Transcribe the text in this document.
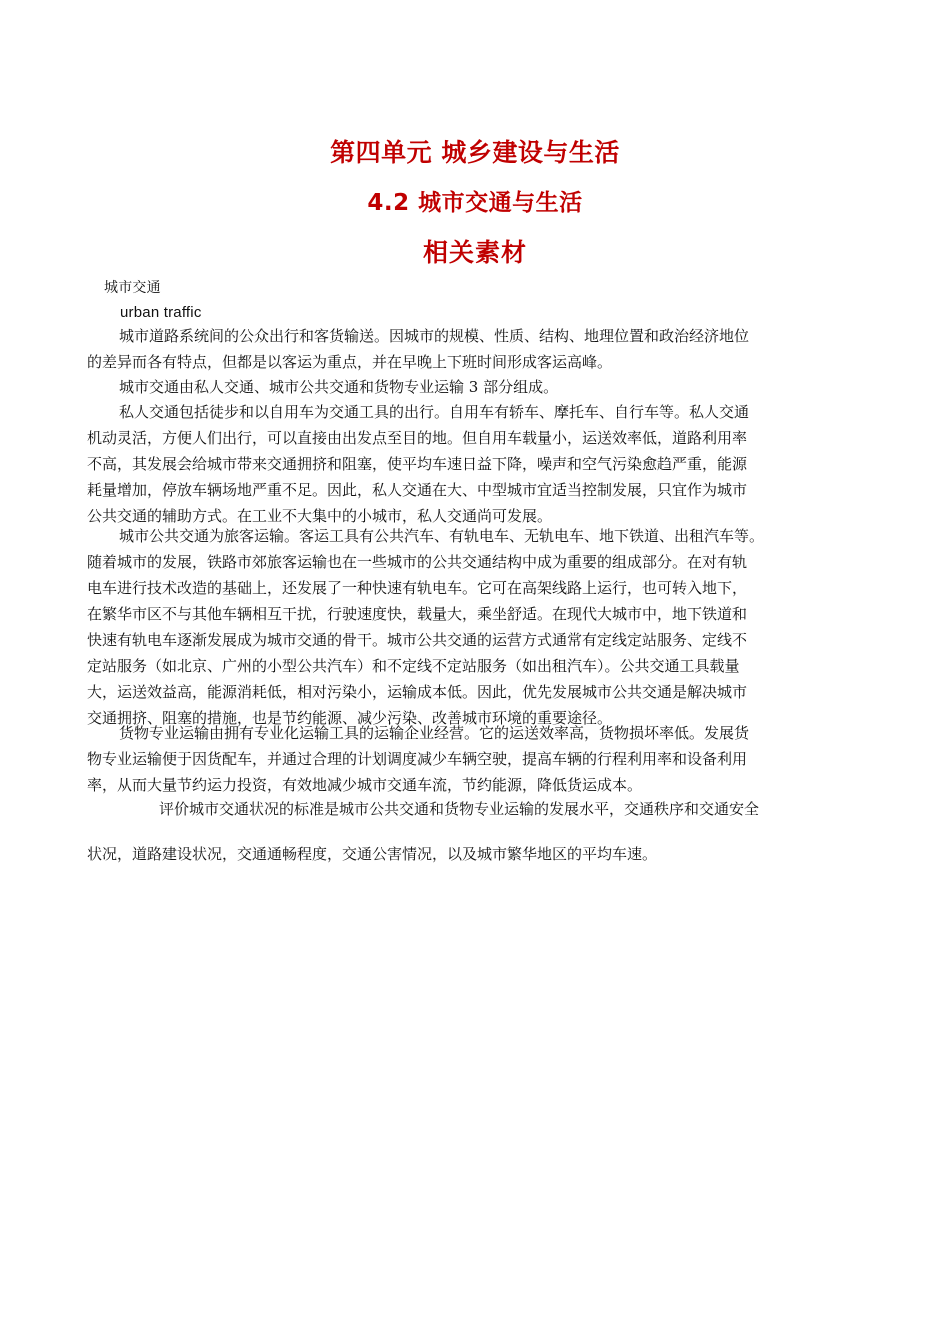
第四单元 城乡建设与生活
4.2 城市交通与生活
相关素材
城市交通
urban traffic
城市道路系统间的公众出行和客货输送。因城市的规模、性质、结构、地理位置和政治经济地位
的差异而各有特点，但都是以客运为重点，并在早晚上下班时间形成客运高峰。
城市交通由私人交通、城市公共交通和货物专业运输 3 部分组成。
私人交通包括徒步和以自用车为交通工具的出行。自用车有轿车、摩托车、自行车等。私人交通
机动灵活，方便人们出行，可以直接由出发点至目的地。但自用车载量小，运送效率低，道路利用率
不高，其发展会给城市带来交通拥挤和阻塞，使平均车速日益下降，噪声和空气污染愈趋严重，能源
耗量增加，停放车辆场地严重不足。因此，私人交通在大、中型城市宜适当控制发展，只宜作为城市
公共交通的辅助方式。在工业不大集中的小城市，私人交通尚可发展。
城市公共交通为旅客运输。客运工具有公共汽车、有轨电车、无轨电车、地下铁道、出租汽车等。
随着城市的发展，铁路市郊旅客运输也在一些城市的公共交通结构中成为重要的组成部分。在对有轨
电车进行技术改造的基础上，还发展了一种快速有轨电车。它可在高架线路上运行，也可转入地下，
在繁华市区不与其他车辆相互干扰，行驶速度快，载量大，乘坐舒适。在现代大城市中，地下铁道和
快速有轨电车逐渐发展成为城市交通的骨干。城市公共交通的运营方式通常有定线定站服务、定线不
定站服务（如北京、广州的小型公共汽车）和不定线不定站服务（如出租汽车）。公共交通工具载量
大，运送效益高，能源消耗低，相对污染小，运输成本低。因此，优先发展城市公共交通是解决城市
交通拥挤、阻塞的措施，也是节约能源、减少污染、改善城市环境的重要途径。
货物专业运输由拥有专业化运输工具的运输企业经营。它的运送效率高，货物损坏率低。发展货
物专业运输便于因货配车，并通过合理的计划调度减少车辆空驶，提高车辆的行程利用率和设备利用
率，从而大量节约运力投资，有效地减少城市交通车流，节约能源，降低货运成本。
评价城市交通状况的标准是城市公共交通和货物专业运输的发展水平，交通秩序和交通安全
状况，道路建设状况，交通通畅程度，交通公害情况，以及城市繁华地区的平均车速。
